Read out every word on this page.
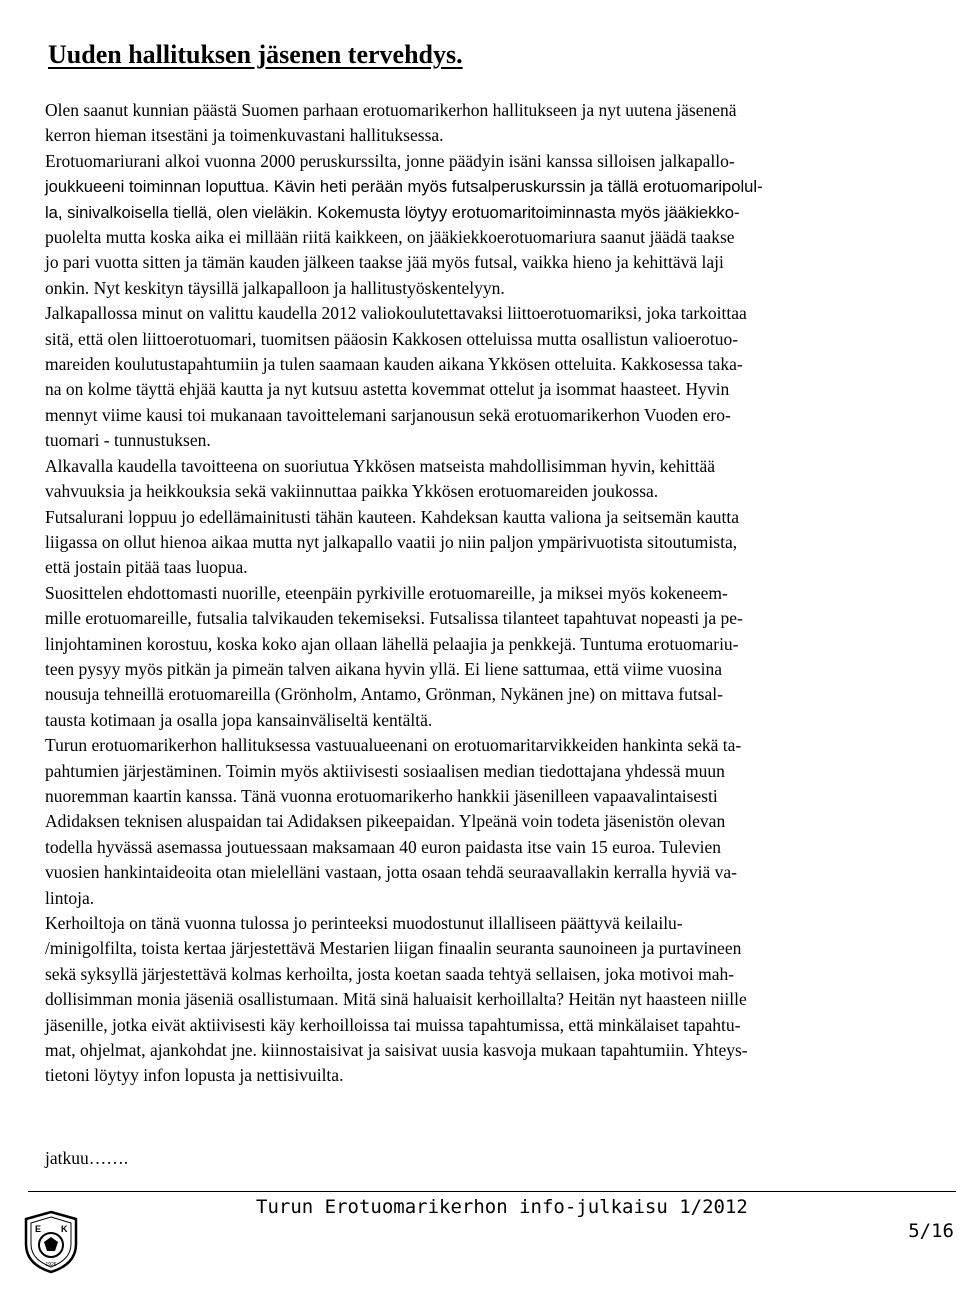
Uuden hallituksen jäsenen tervehdys.
Olen saanut kunnian päästä Suomen parhaan erotuomarikerhon hallitukseen ja nyt uutena jäsenenä
kerron hieman itsestäni ja toimenkuvastani hallituksessa.
Erotuomariurani alkoi vuonna 2000 peruskurssilta, jonne päädyin isäni kanssa silloisen jalkapallo-
joukkueeni toiminnan loputtua. Kävin heti perään myös futsalperuskurssin ja tällä erotuomaripolul-
la, sinivalkoisella tiellä, olen vieläkin. Kokemusta löytyy erotuomaritoiminnasta myös jääkiekko-
puolelta mutta koska aika ei millään riitä kaikkeen, on jääkiekkoerotuomariura saanut jäädä taakse
jo pari vuotta sitten ja tämän kauden jälkeen taakse jää myös futsal, vaikka hieno ja kehittävä laji
onkin. Nyt keskityn täysillä jalkapalloon ja hallitustyöskentelyyn.
Jalkapallossa minut on valittu kaudella 2012 valiokoulutettavaksi liittoerotuomariksi, joka tarkoittaa
sitä, että olen liittoerotuomari, tuomitsen pääosin Kakkosen otteluissa mutta osallistun valioerotuo-
mareiden koulutustapahtumiin ja tulen saamaan kauden aikana Ykkösen otteluita. Kakkosessa taka-
na on kolme täyttä ehjää kautta ja nyt kutsuu astetta kovemmat ottelut ja isommat haasteet. Hyvin
mennyt viime kausi toi mukanaan tavoittelemani sarjanousun sekä erotuomarikerhon Vuoden ero-
tuomari - tunnustuksen.
Alkavalla kaudella tavoitteena on suoriutua Ykkösen matseista mahdollisimman hyvin, kehittää
vahvuuksia ja heikkouksia sekä vakiinnuttaa paikka Ykkösen erotuomareiden joukossa.
Futsalurani loppuu jo edellämainitusti tähän kauteen. Kahdeksan kautta valiona ja seitsemän kautta
liigassa on ollut hienoa aikaa mutta nyt jalkapallo vaatii jo niin paljon ympärivuotista sitoutumista,
että jostain pitää taas luopua.
Suosittelen ehdottomasti nuorille, eteenpäin pyrkiville erotuomareille, ja miksei myös kokeneem-
mille erotuomareille, futsalia talvikauden tekemiseksi. Futsalissa tilanteet tapahtuvat nopeasti ja pe-
linjohtaminen korostuu, koska koko ajan ollaan lähellä pelaajia ja penkkejä. Tuntuma erotuomariu-
teen pysyy myös pitkän ja pimeän talven aikana hyvin yllä. Ei liene sattumaa, että viime vuosina
nousuja tehneillä erotuomareilla (Grönholm, Antamo, Grönman, Nykänen jne) on mittava futsal-
tausta kotimaan ja osalla jopa kansainväliseltä kentältä.
Turun erotuomarikerhon hallituksessa vastuualueenani on erotuomaritarvikkeiden hankinta sekä ta-
pahtumien järjestäminen. Toimin myös aktiivisesti sosiaalisen median tiedottajana yhdessä muun
nuoremman kaartin kanssa. Tänä vuonna erotuomarikerho hankkii jäsenilleen vapaavalintaisesti
Adidaksen teknisen aluspaidan tai Adidaksen pikeepaidan. Ylpeänä voin todeta jäsenistön olevan
todella hyvässä asemassa joutuessaan maksamaan 40 euron paidasta itse vain 15 euroa. Tulevien
vuosien hankintaideoita otan mielelläni vastaan, jotta osaan tehdä seuraavallakin kerralla hyviä va-
lintoja.
Kerhoiltoja on tänä vuonna tulossa jo perinteeksi muodostunut illalliseen päättyvä keilailu-
/minigolfilta, toista kertaa järjestettävä Mestarien liigan finaalin seuranta saunoineen ja purtavineen
sekä syksyllä järjestettävä kolmas kerhoilta, josta koetan saada tehtyä sellaisen, joka motivoi mah-
dollisimman monia jäseniä osallistumaan. Mitä sinä haluaisit kerhoillalta? Heitän nyt haasteen niille
jäsenille, jotka eivät aktiivisesti käy kerhoilloissa tai muissa tapahtumissa, että minkälaiset tapahtu-
mat, ohjelmat, ajankohdat jne. kiinnostaisivat ja saisivat uusia kasvoja mukaan tapahtumiin. Yhteys-
tietoni löytyy infon lopusta ja nettisivuilta.
jatkuu…….
E K
1926
Turun Erotuomarikerhon info-julkaisu 1/2012
5/16
